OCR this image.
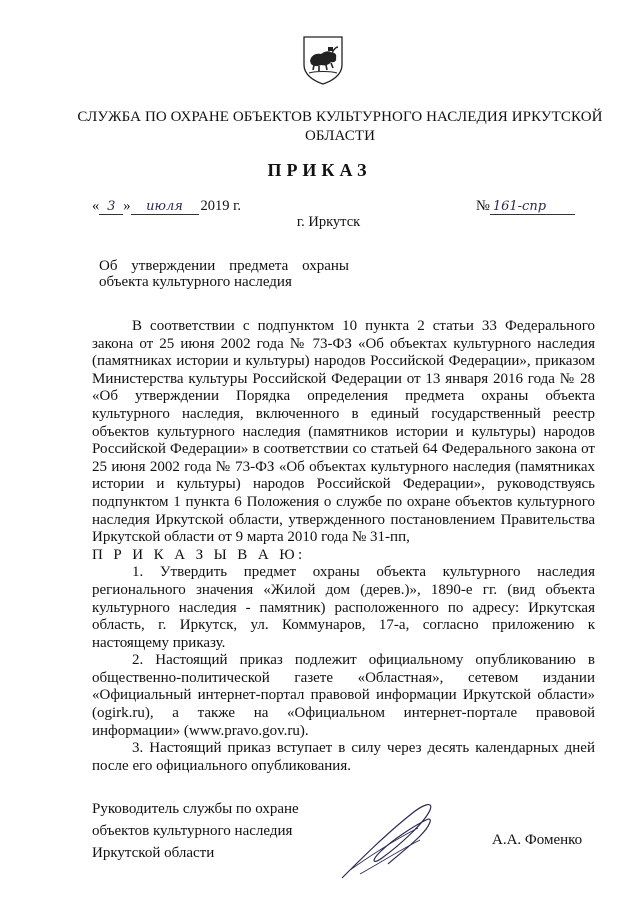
СЛУЖБА ПО ОХРАНЕ ОБЪЕКТОВ КУЛЬТУРНОГО НАСЛЕДИЯ ИРКУТСКОЙ
ОБЛАСТИ
ПРИКАЗ
« 3 »	июля	2019 г.	№ 161-спр
г. Иркутск
Об утверждении предмета охраны
объекта культурного наследия

В соответствии с подпунктом 10 пункта 2 статьи 33 Федерального закона от 25 июня 2002 года № 73-ФЗ «Об объектах культурного наследия (памятниках истории и культуры) народов Российской Федерации», приказом Министерства культуры Российской Федерации от 13 января 2016 года № 28 «Об утверждении Порядка определения предмета охраны объекта культурного наследия, включенного в единый государственный реестр объектов культурного наследия (памятников истории и культуры) народов Российской Федерации» в соответствии со статьей 64 Федерального закона от 25 июня 2002 года № 73-ФЗ «Об объектах культурного наследия (памятниках истории и культуры) народов Российской Федерации», руководствуясь подпунктом 1 пункта 6 Положения о службе по охране объектов культурного наследия Иркутской области, утвержденного постановлением Правительства Иркутской области от 9 марта 2010 года № 31-пп,

П Р И К А З Ы В А Ю:

1. Утвердить предмет охраны объекта культурного наследия регионального значения «Жилой дом (дерев.)», 1890-е гг. (вид объекта культурного наследия - памятник) расположенного по адресу: Иркутская область, г. Иркутск, ул. Коммунаров, 17-а, согласно приложению к настоящему приказу.

2. Настоящий приказ подлежит официальному опубликованию в общественно-политической газете «Областная», сетевом издании «Официальный интернет-портал правовой информации Иркутской области» (ogirk.ru), а также на «Официальном интернет-портале правовой информации» (www.pravo.gov.ru).

3. Настоящий приказ вступает в силу через десять календарных дней после его официального опубликования.

Руководитель службы по охране
объектов культурного наследия
Иркутской области
А.А. Фоменко
